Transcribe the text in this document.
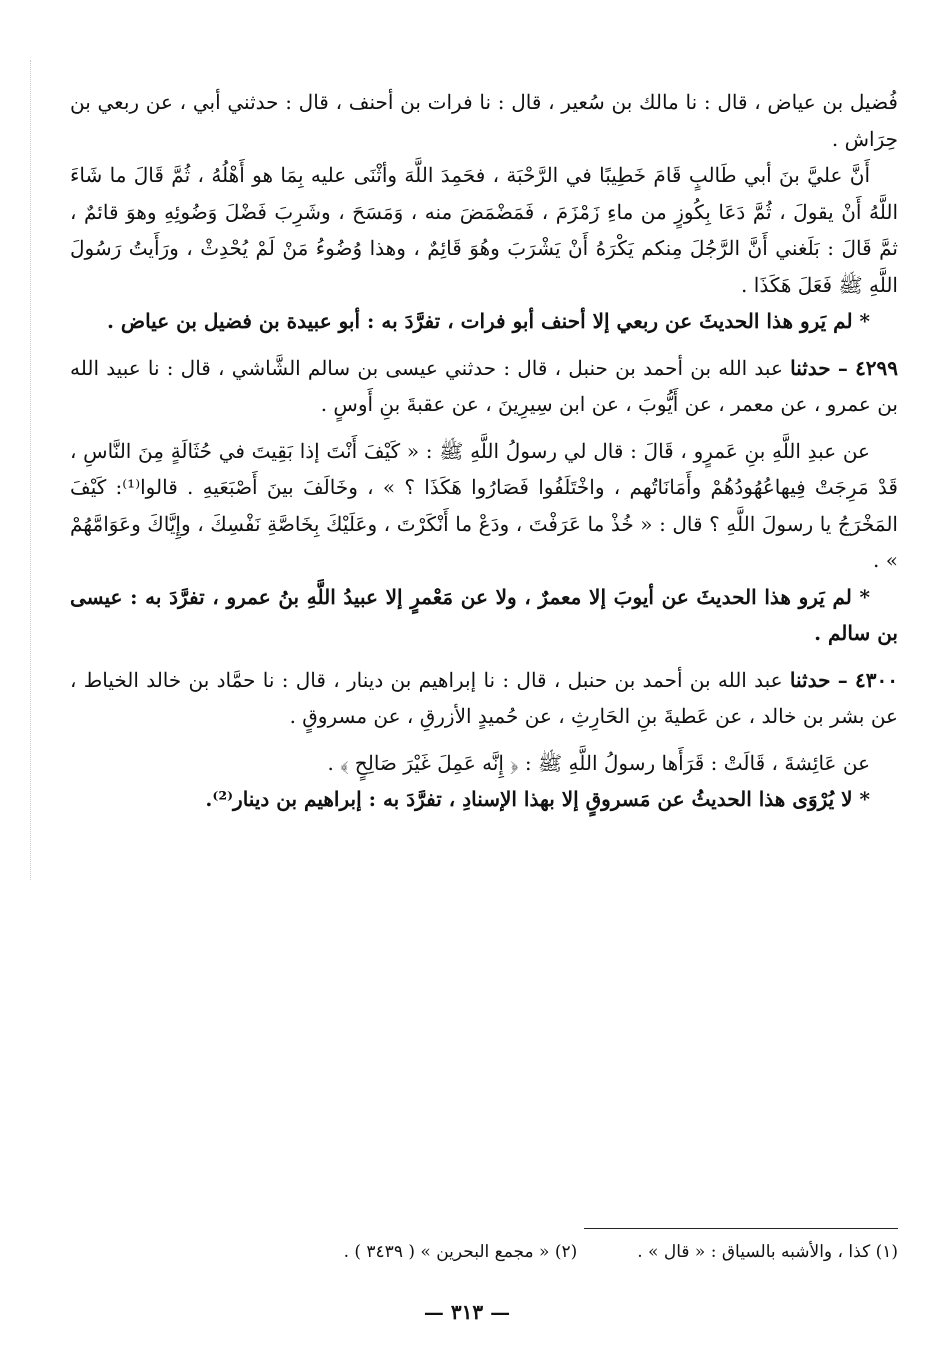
فُضيل بن عياض ، قال : نا مالك بن سُعير ، قال : نا فرات بن أحنف ، قال : حدثني أبي ، عن ربعي بن حِرَاش .

أَنَّ عليَّ بنَ أبي طَالبٍ قَامَ خَطِيبًا في الرَّحْبَة ، فحَمِدَ اللَّهَ وأثْنَى عليه بِمَا هو أَهْلُهُ ، ثُمَّ قَالَ ما شَاءَ اللَّهُ أَنْ يقولَ ، ثُمَّ دَعَا بِكُوزٍ من ماءِ زَمْزَمَ ، فَمَضْمَضَ منه ، وَمَسَحَ ، وشَرِبَ فَضْلَ وَضُوئِهِ وهوَ قائمٌ ، ثمَّ قَالَ : بَلَغني أَنَّ الرَّجُلَ مِنكم يَكْرَهُ أَنْ يَشْرَبَ وهُوَ قَائِمٌ ، وهذا وُضُوءُ مَنْ لَمْ يُحْدِثْ ، ورَأَيتُ رَسُولَ اللَّهِ ﷺ فَعَلَ هَكَذَا .

* لم يَرو هذا الحديثَ عن ربعي إلا أحنف أبو فرات ، تفرَّدَ به : أبو عبيدة بن فضيل بن عياض .

٤٢٩٩ – حدثنا عبد الله بن أحمد بن حنبل ، قال : حدثني عيسى بن سالم الشَّاشي ، قال : نا عبيد الله بن عمرو ، عن معمر ، عن أَيُّوبَ ، عن ابن سِيرِينَ ، عن عقبةَ بنِ أَوسٍ .

عن عبدِ اللَّهِ بنِ عَمرٍو ، قَالَ : قال لي رسولُ اللَّهِ ﷺ : « كَيْفَ أَنْتَ إذا بَقِيتَ في حُثَالَةٍ مِنَ النَّاسِ ، قَدْ مَرِجَتْ فِيهاعُهُودُهُمْ وأَمَانَاتُهم ، واخْتَلَفُوا فَصَارُوا هَكَذَا ؟ » ، وخَالَفَ بينَ أَصْبَعَيهِ . قالوا⁽¹⁾: كَيْفَ المَخْرَجُ يا رسولَ اللَّهِ ؟ قال : « خُذْ ما عَرَفْتَ ، ودَعْ ما أَنْكَرْتَ ، وعَلَيْكَ بِخَاصَّةِ نَفْسِكَ ، وإِيَّاكَ وعَوَامَّهُمْ » .

* لم يَرو هذا الحديثَ عن أيوبَ إلا معمرٌ ، ولا عن مَعْمرٍ إلا عبيدُ اللَّهِ بنُ عمرو ، تفرَّدَ به : عيسى بن سالم .

٤٣٠٠ – حدثنا عبد الله بن أحمد بن حنبل ، قال : نا إبراهيم بن دينار ، قال : نا حمَّاد بن خالد الخياط ، عن بشر بن خالد ، عن عَطيةَ بنِ الحَارِثِ ، عن حُميدٍ الأزرقِ ، عن مسروقٍ .

عن عَائِشةَ ، قَالَتْ : قَرَأَها رسولُ اللَّهِ ﷺ : ﴿ إِنَّه عَمِلَ غَيْرَ صَالِحٍ ﴾ .

* لا يُرْوَى هذا الحديثُ عن مَسروقٍ إلا بهذا الإسنادِ ، تفرَّدَ به : إبراهيم بن دينار⁽²⁾.

(١) كذا ، والأشبه بالسياق : « قال » .
(٢) « مجمع البحرين » ( ٣٤٣٩ ) .
— ٣١٣ —
